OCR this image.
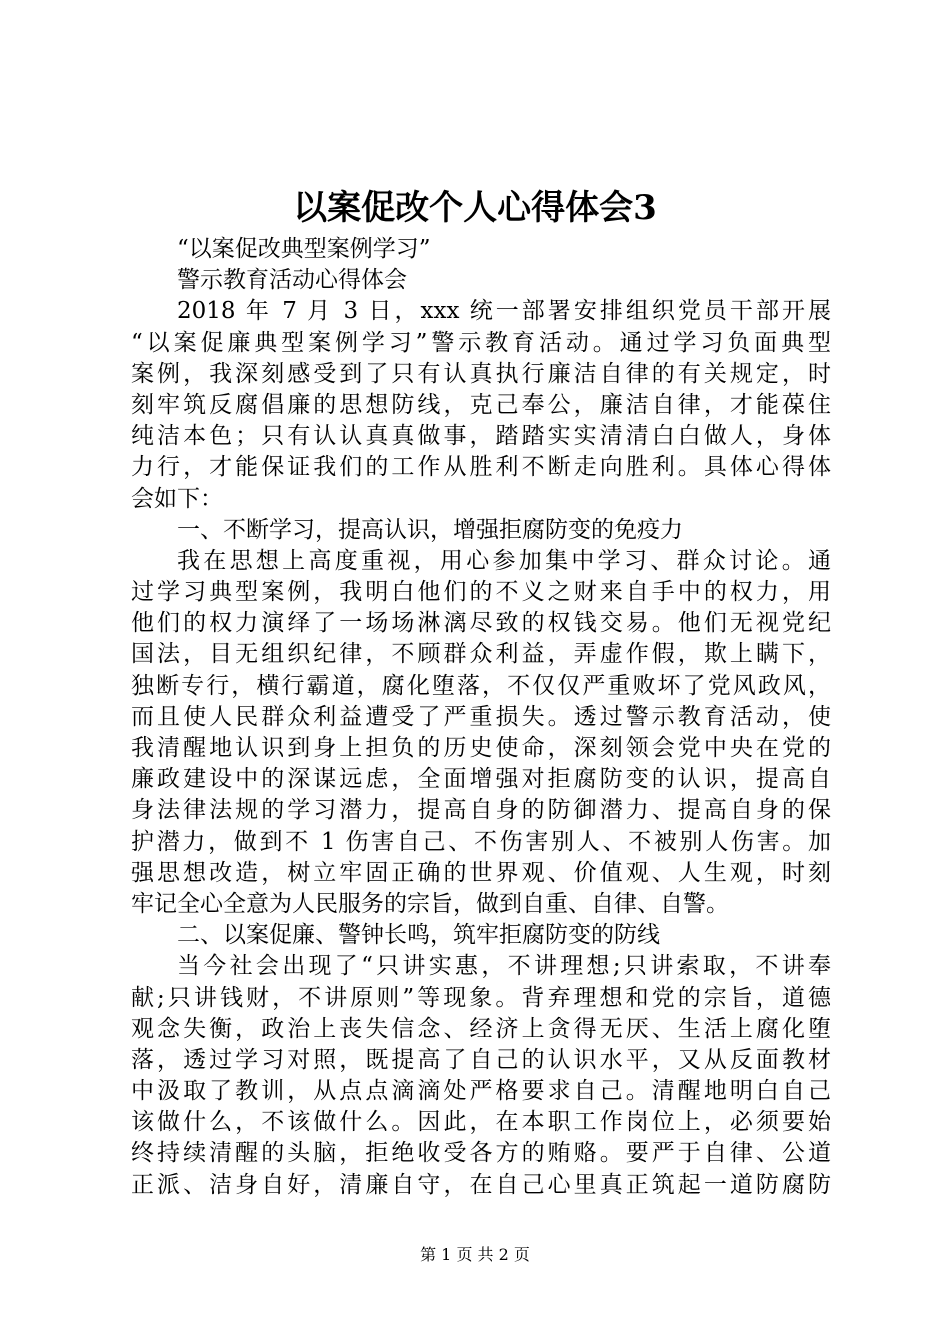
以案促改个人心得体会3
“以案促改典型案例学习”
警示教育活动心得体会
2018 年 7 月 3 日，xxx 统一部署安排组织党员干部开展
“以案促廉典型案例学习”警示教育活动。通过学习负面典型
案例，我深刻感受到了只有认真执行廉洁自律的有关规定，时
刻牢筑反腐倡廉的思想防线，克己奉公，廉洁自律，才能葆住
纯洁本色；只有认认真真做事，踏踏实实清清白白做人，身体
力行，才能保证我们的工作从胜利不断走向胜利。具体心得体
会如下：
一、不断学习，提高认识，增强拒腐防变的免疫力
我在思想上高度重视，用心参加集中学习、群众讨论。通
过学习典型案例，我明白他们的不义之财来自手中的权力，用
他们的权力演绎了一场场淋漓尽致的权钱交易。他们无视党纪
国法，目无组织纪律，不顾群众利益，弄虚作假，欺上瞒下，
独断专行，横行霸道，腐化堕落，不仅仅严重败坏了党风政风，
而且使人民群众利益遭受了严重损失。透过警示教育活动，使
我清醒地认识到身上担负的历史使命，深刻领会党中央在党的
廉政建设中的深谋远虑，全面增强对拒腐防变的认识，提高自
身法律法规的学习潜力，提高自身的防御潜力、提高自身的保
护潜力，做到不 1 伤害自己、不伤害别人、不被别人伤害。加
强思想改造，树立牢固正确的世界观、价值观、人生观，时刻
牢记全心全意为人民服务的宗旨，做到自重、自律、自警。
二、以案促廉、警钟长鸣，筑牢拒腐防变的防线
当今社会出现了“只讲实惠，不讲理想;只讲索取，不讲奉
献;只讲钱财，不讲原则”等现象。背弃理想和党的宗旨，道德
观念失衡，政治上丧失信念、经济上贪得无厌、生活上腐化堕
落，透过学习对照，既提高了自己的认识水平，又从反面教材
中汲取了教训，从点点滴滴处严格要求自己。清醒地明白自己
该做什么，不该做什么。因此，在本职工作岗位上，必须要始
终持续清醒的头脑，拒绝收受各方的贿赂。要严于自律、公道
正派、洁身自好，清廉自守，在自己心里真正筑起一道防腐防
第 1 页 共 2 页
